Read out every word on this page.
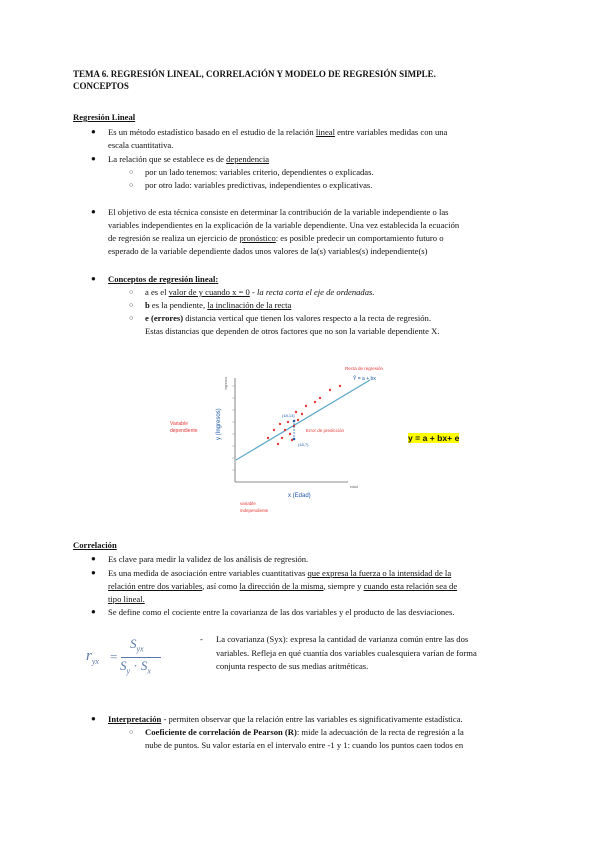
TEMA 6. REGRESIÓN LINEAL, CORRELACIÓN Y MODELO DE REGRESIÓN SIMPLE.
CONCEPTOS
Regresión Lineal
● Es un método estadístico basado en el estudio de la relación lineal entre variables medidas con una
escala cuantitativa.
● La relación que se establece es de dependencia
○ por un lado tenemos: variables criterio, dependientes o explicadas.
○ por otro lado: variables predictivas, independientes o explicativas.
● El objetivo de esta técnica consiste en determinar la contribución de la variable independiente o las
variables independientes en la explicación de la variable dependiente. Una vez establecida la ecuación
de regresión se realiza un ejercicio de pronóstico: es posible predecir un comportamiento futuro o
esperado de la variable dependiente dados unos valores de la(s) variables(s) independiente(s)
● Conceptos de regresión lineal:
○ a es el valor de y cuando x = 0 - la recta corta el eje de ordenadas.
○ b es la pendiente, la inclinación de la recta
○ e (errores) distancia vertical que tienen los valores respecto a la recta de regresión.
Estas distancias que dependen de otros factores que no son la variable dependiente X.
Recta de regresión
Ŷ = a + bx
Variable
dependiente	y (Ingresos)
x (Edad)
Error de predicción
variable
independiente
(18,13)
(18,7)
ingresos
edad
y = a + bx+ e
Correlación
● Es clave para medir la validez de los análisis de regresión.
● Es una medida de asociación entre variables cuantitativas que expresa la fuerza o la intensidad de la
relación entre dos variables, así como la dirección de la misma, siempre y cuando esta relación sea de
tipo lineal.
● Se define como el cociente entre la covarianza de las dos variables y el producto de las desviaciones.
$r_{yx}$ =
$S_{yx}$
$S_y \cdot S_x$
- La covarianza (Syx): expresa la cantidad de varianza común entre las dos
variables. Refleja en qué cuantía dos variables cualesquiera varían de forma
conjunta respecto de sus medias aritméticas.
● Interpretación - permiten observar que la relación entre las variables es significativamente estadística.
○ Coeficiente de correlación de Pearson (R): mide la adecuación de la recta de regresión a la
nube de puntos. Su valor estaría en el intervalo entre -1 y 1: cuando los puntos caen todos en
